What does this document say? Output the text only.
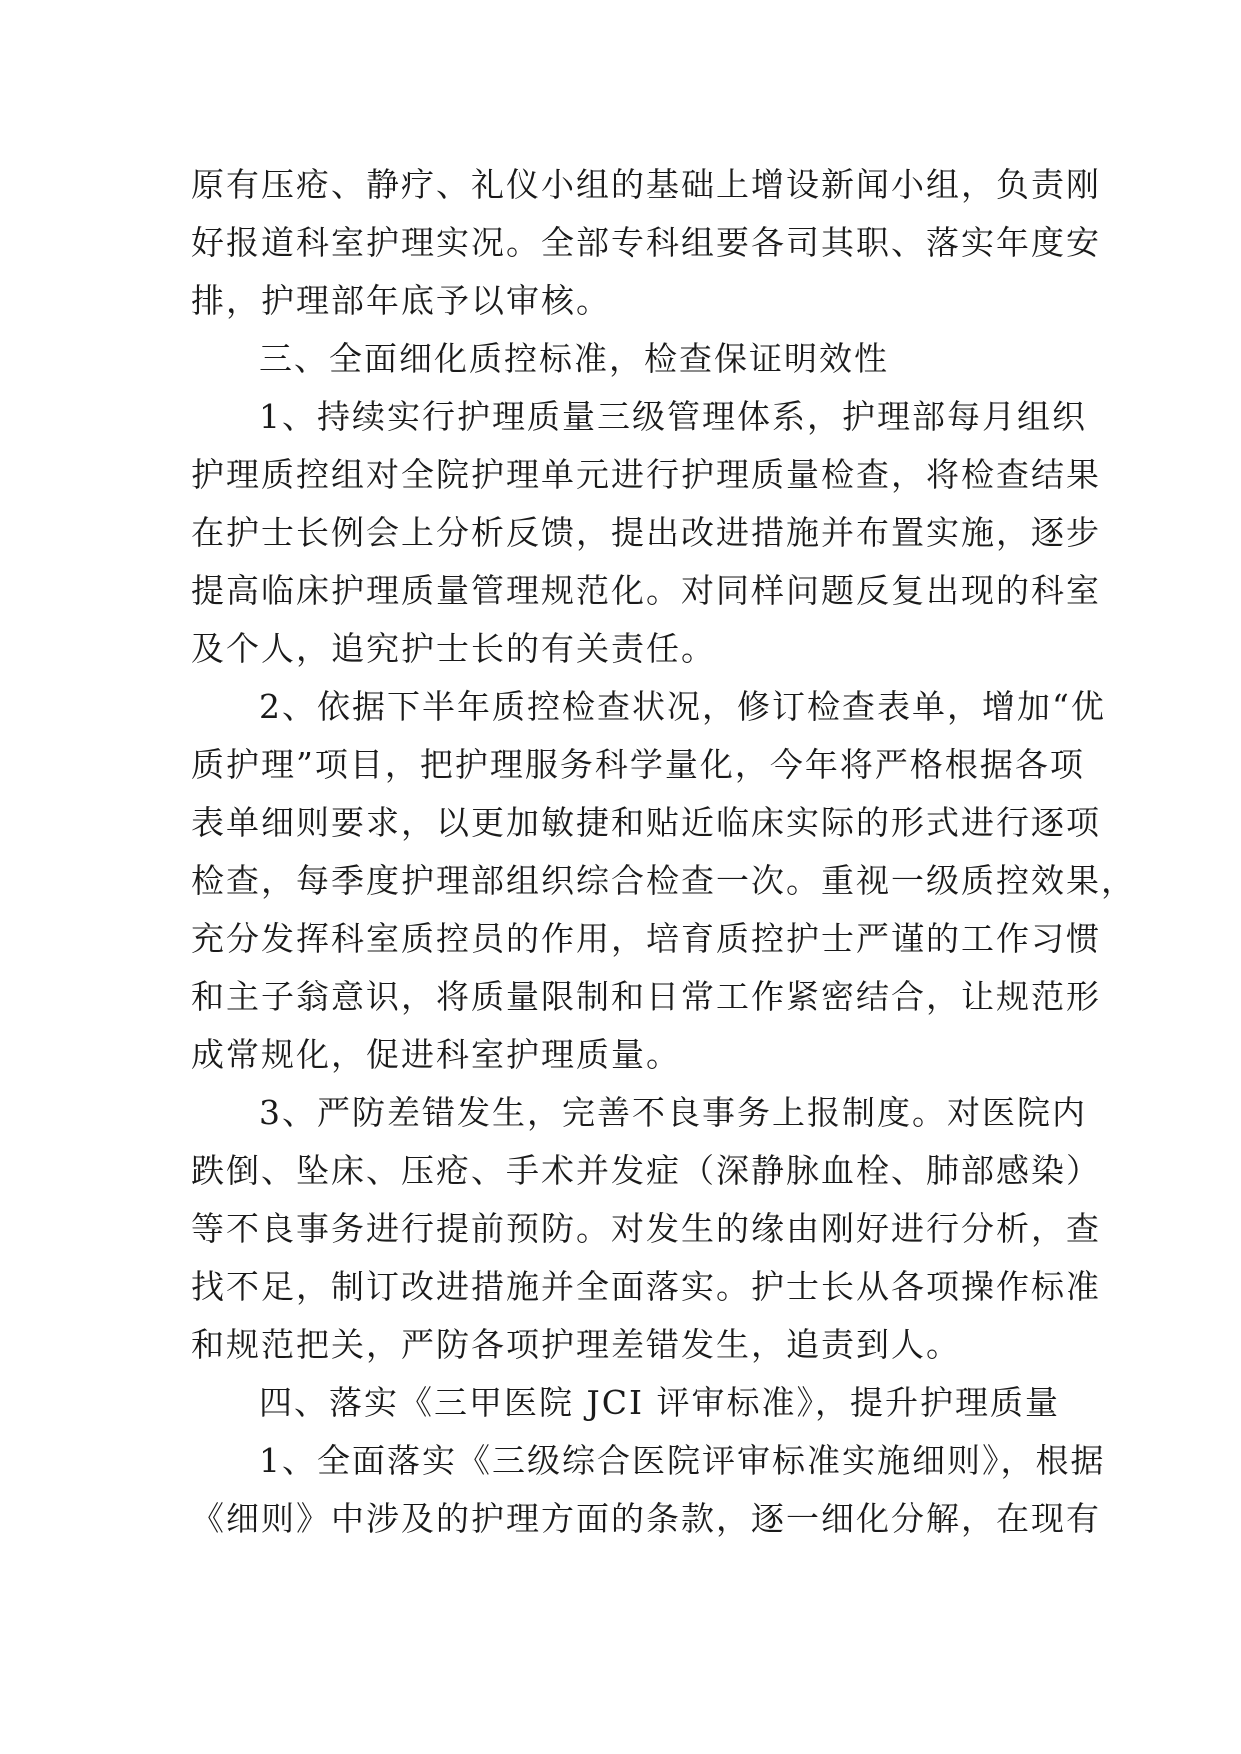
原有压疮、静疗、礼仪小组的基础上增设新闻小组，负责刚
好报道科室护理实况。全部专科组要各司其职、落实年度安
排，护理部年底予以审核。
三、全面细化质控标准，检查保证明效性
1、持续实行护理质量三级管理体系，护理部每月组织
护理质控组对全院护理单元进行护理质量检查，将检查结果
在护士长例会上分析反馈，提出改进措施并布置实施，逐步
提高临床护理质量管理规范化。对同样问题反复出现的科室
及个人，追究护士长的有关责任。
2、依据下半年质控检查状况，修订检查表单，增加“优
质护理”项目，把护理服务科学量化，今年将严格根据各项
表单细则要求，以更加敏捷和贴近临床实际的形式进行逐项
检查，每季度护理部组织综合检查一次。重视一级质控效果，
充分发挥科室质控员的作用，培育质控护士严谨的工作习惯
和主子翁意识，将质量限制和日常工作紧密结合，让规范形
成常规化，促进科室护理质量。
3、严防差错发生，完善不良事务上报制度。对医院内
跌倒、坠床、压疮、手术并发症（深静脉血栓、肺部感染）
等不良事务进行提前预防。对发生的缘由刚好进行分析，查
找不足，制订改进措施并全面落实。护士长从各项操作标准
和规范把关，严防各项护理差错发生，追责到人。
四、落实《三甲医院 JCI 评审标准》，提升护理质量
1、全面落实《三级综合医院评审标准实施细则》，根据
《细则》中涉及的护理方面的条款，逐一细化分解，在现有
